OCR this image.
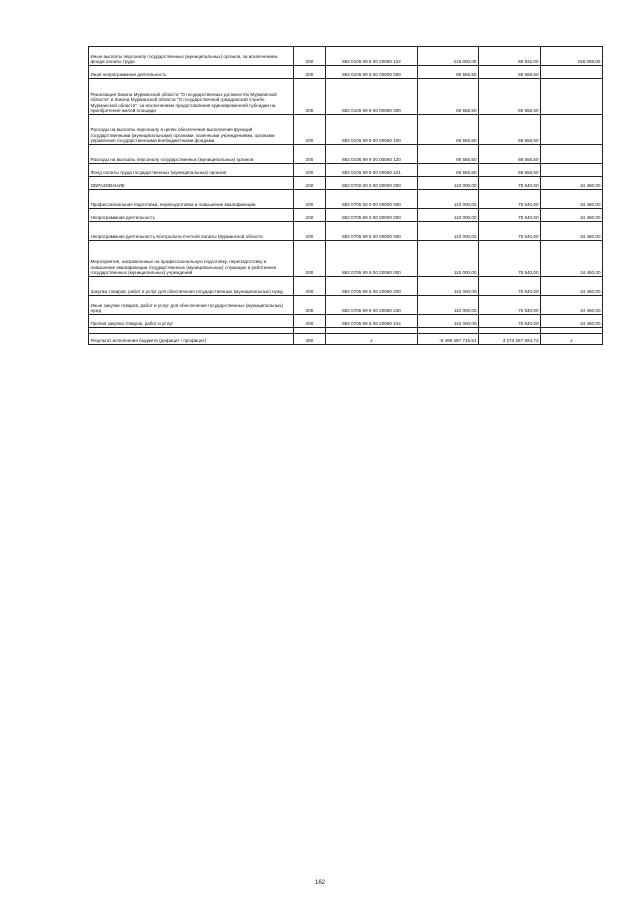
Иные выплаты персоналу государственных (муниципальных) органов, за исключением фонда оплаты труда	200	882 0106 99 8 00 20080 122	215 000,00	58 932,00	156 068,00
Иная непрограммная деятельность	200	882 0106 99 9 00 00000 000	69 556,50	69 556,50	
Реализация Закона Мурманской области "О государственных должностях Мурманской области" и Закона Мурманской области "О государственной гражданской службе Мурманской области", за исключением предоставления единовременной субсидии на приобретение жилой площади	200	882 0106 99 9 00 00060 000	69 556,50	69 556,50	
Расходы на выплаты персоналу в целях обеспечения выполнения функций государственными (муниципальными) органами, казенными учреждениями, органами управления государственными внебюджетными фондами	200	882 0106 99 9 00 00060 100	69 556,50	69 556,50	
Расходы на выплаты персоналу государственных (муниципальных) органов	200	882 0106 99 9 00 00060 120	69 556,50	69 556,50	
Фонд оплаты труда государственных (муниципальных) органов	200	882 0106 99 9 00 00060 121	69 556,50	69 556,50	
ОБРАЗОВАНИЕ	200	882 0700 00 0 00 00000 000	110 000,00	75 540,00	34 460,00
Профессиональная подготовка, переподготовка и повышение квалификации	200	882 0705 00 0 00 00000 000	110 000,00	75 540,00	34 460,00
Непрограммная деятельность	200	882 0705 99 0 00 00000 000	110 000,00	75 540,00	34 460,00
Непрограммная деятельность Контрольно-счетной палаты Мурманской области	200	882 0705 99 6 00 00000 000	110 000,00	75 540,00	34 460,00
Мероприятия, направленные на профессиональную подготовку, переподготовку и повышение квалификации государственных (муниципальных) служащих и работников государственных (муниципальных) учреждений	200	882 0705 99 6 00 20080 000	110 000,00	75 540,00	34 460,00
Закупка товаров, работ и услуг для обеспечения государственных (муниципальных) нужд	200	882 0705 99 6 00 20080 200	110 000,00	75 540,00	34 460,00
Иные закупки товаров, работ и услуг для обеспечения государственных (муниципальных) нужд	200	882 0705 99 6 00 20080 240	110 000,00	75 540,00	34 460,00
Прочая закупка товаров, работ и услуг	200	882 0705 99 6 00 20080 244	110 000,00	75 540,00	34 460,00

Результат исполнения бюджета (дефицит / профицит)	450	x	-8 488 487 715,51	3 273 267 594,73	x
162
